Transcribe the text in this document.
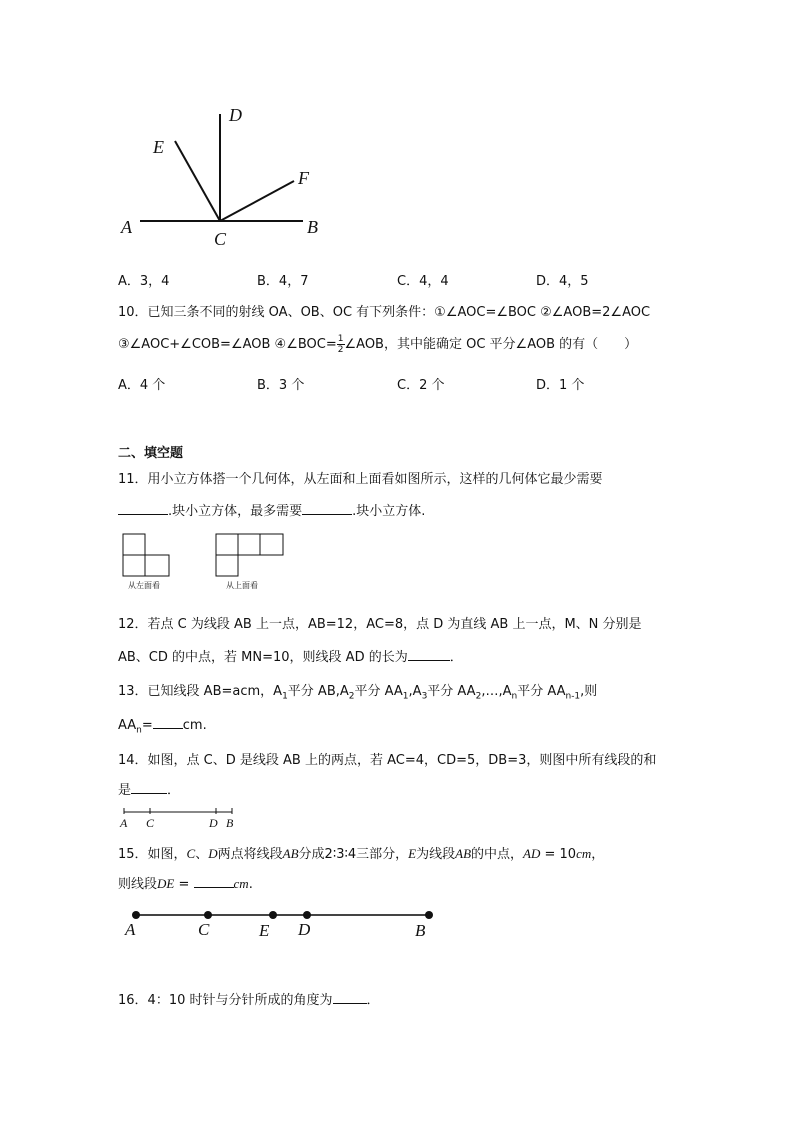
D
E
F
A	B
C
A．3，4	B．4，7	C．4，4	D．4，5
10．已知三条不同的射线 OA、OB、OC 有下列条件：①∠AOC=∠BOC ②∠AOB=2∠AOC
③∠AOC+∠COB=∠AOB ④∠BOC= $\frac{1}{2}$ ∠AOB，其中能确定 OC 平分∠AOB 的有（　　）
A．4 个	B．3 个	C．2 个	D．1 个
二、填空题
11．用小立方体搭一个几何体，从左面和上面看如图所示，这样的几何体它最少需要
.块小立方体，最多需要	.块小立方体.
从左面看	从上面看
12．若点 C 为线段 AB 上一点，AB=12，AC=8，点 D 为直线 AB 上一点，M、N 分别是
AB、CD 的中点，若 MN=10，则线段 AD 的长为	．
13．已知线段 AB=acm，$A_1$平分 $AB,A_2$平分 $AA_1,A_3$平分 $AA_2,\dots,A_n$平分 $AA_{n-1}$,则
$AA_n=$ cm.
14．如图，点 C、D 是线段 AB 上的两点，若 AC=4，CD=5，DB=3，则图中所有线段的和
是	．
A C	D B
15．如图，C、D两点将线段AB分成2∶3∶4三部分，E为线段AB的中点，AD = 10cm，
则线段DE =	cm.
A	C	E D	B
16．4：10 时针与分针所成的角度为	．
